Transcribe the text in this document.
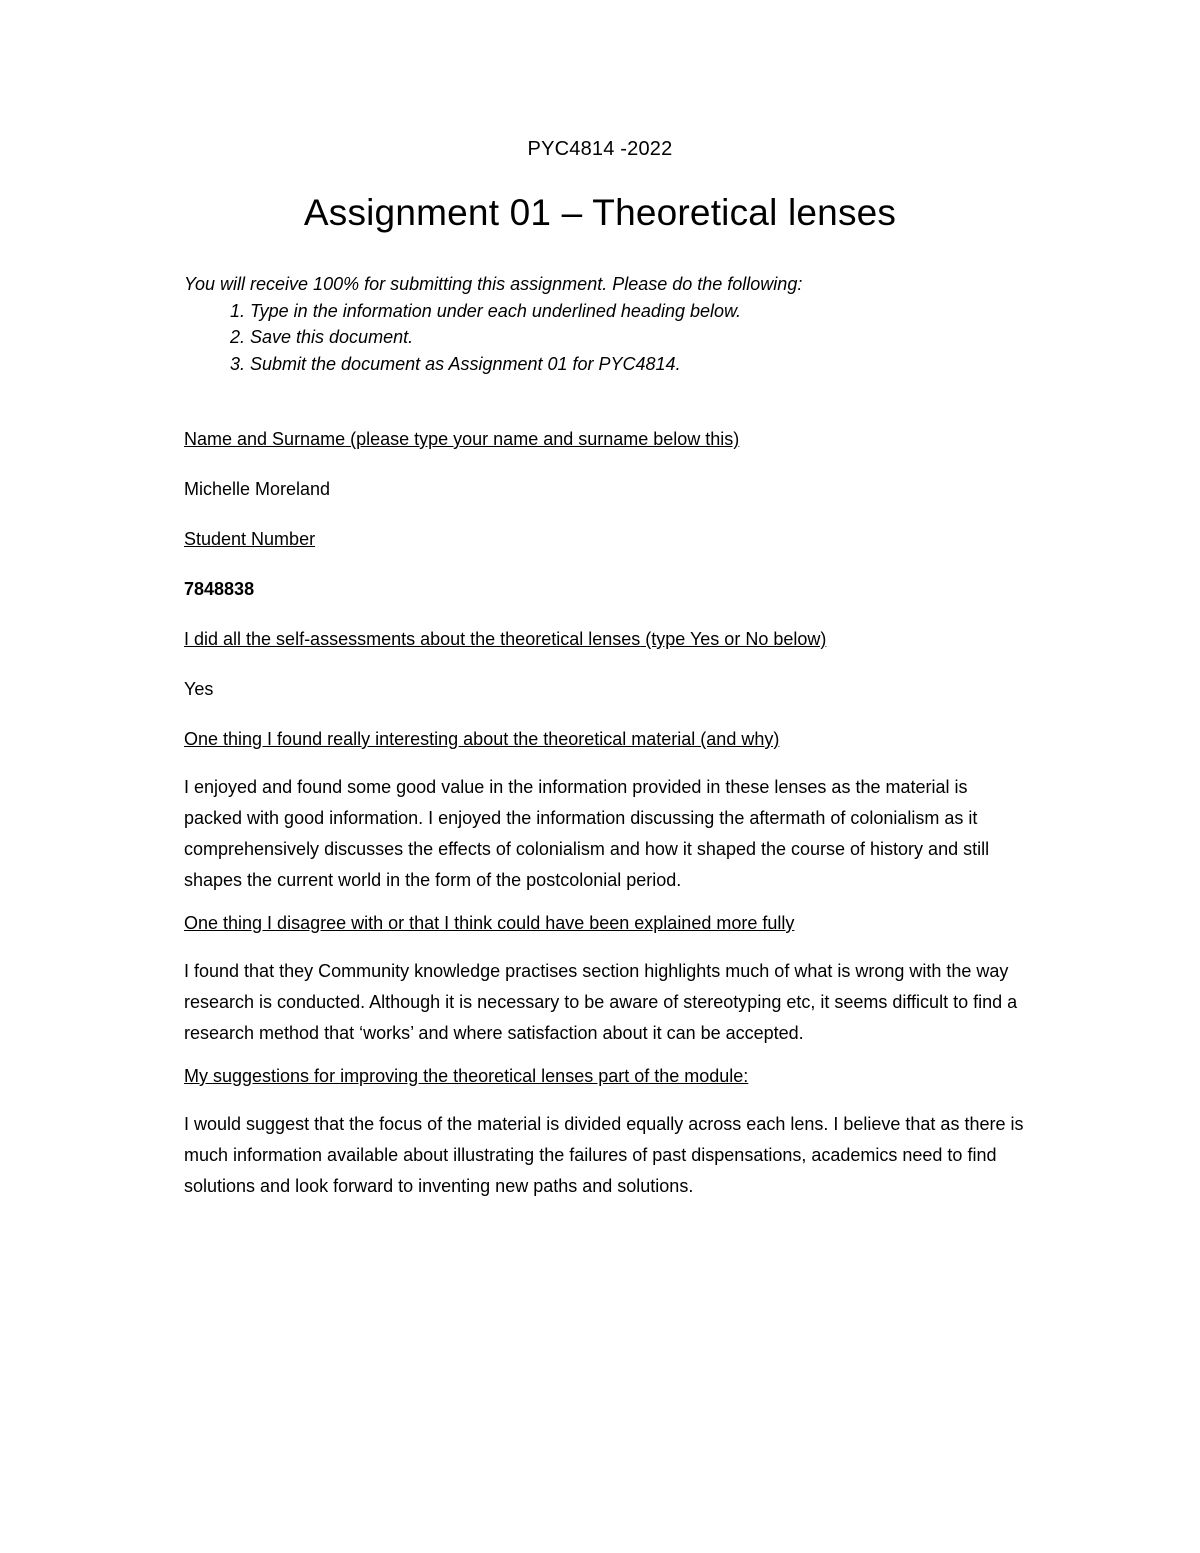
PYC4814 -2022
Assignment 01 – Theoretical lenses
You will receive 100% for submitting this assignment. Please do the following:
1. Type in the information under each underlined heading below.
2. Save this document.
3. Submit the document as Assignment 01 for PYC4814.

Name and Surname (please type your name and surname below this)

Michelle Moreland

Student Number

7848838

I did all the self-assessments about the theoretical lenses (type Yes or No below)

Yes

One thing I found really interesting about the theoretical material (and why)

I enjoyed and found some good value in the information provided in these lenses as the material is packed with good information. I enjoyed the information discussing the aftermath of colonialism as it comprehensively discusses the effects of colonialism and how it shaped the course of history and still shapes the current world in the form of the postcolonial period.

One thing I disagree with or that I think could have been explained more fully

I found that they Community knowledge practises section highlights much of what is wrong with the way research is conducted. Although it is necessary to be aware of stereotyping etc, it seems difficult to find a research method that ‘works’ and where satisfaction about it can be accepted.

My suggestions for improving the theoretical lenses part of the module:

I would suggest that the focus of the material is divided equally across each lens. I believe that as there is much information available about illustrating the failures of past dispensations, academics need to find solutions and look forward to inventing new paths and solutions.
